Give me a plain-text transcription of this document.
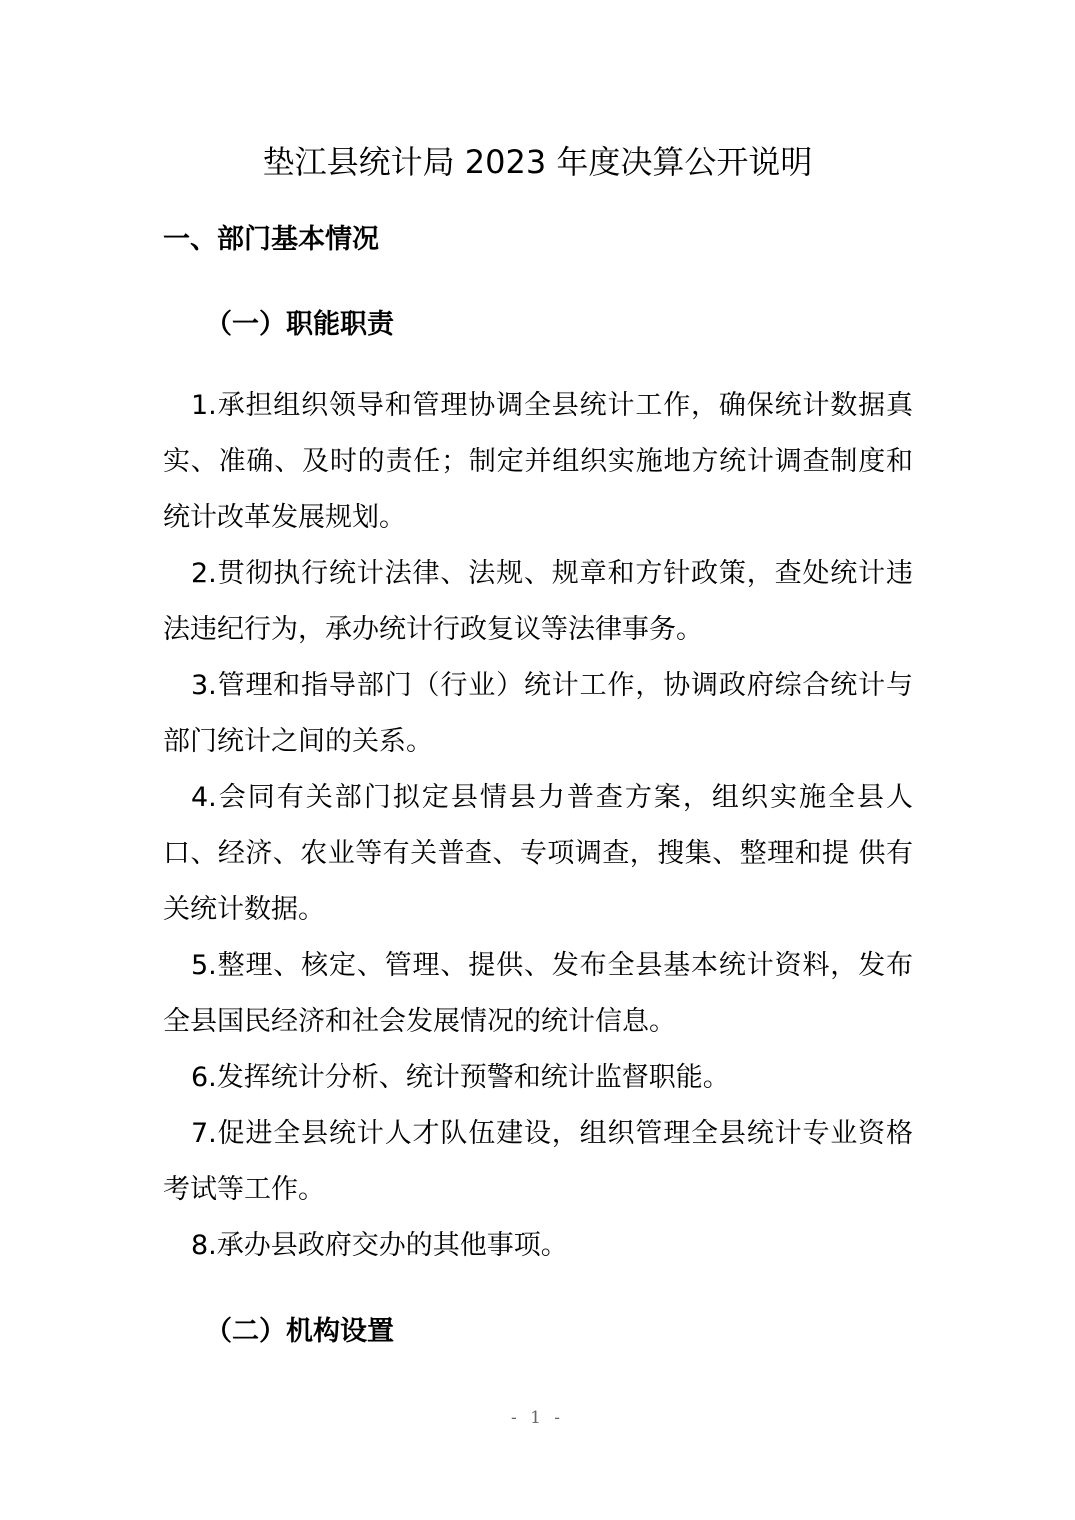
垫江县统计局 2023 年度决算公开说明
一、部门基本情况
（一）职能职责

1.承担组织领导和管理协调全县统计工作，确保统计数据真实、准确、及时的责任；制定并组织实施地方统计调查制度和统计改革发展规划。

2.贯彻执行统计法律、法规、规章和方针政策，查处统计违法违纪行为，承办统计行政复议等法律事务。

3.管理和指导部门（行业）统计工作，协调政府综合统计与部门统计之间的关系。

4.会同有关部门拟定县情县力普查方案，组织实施全县人口、经济、农业等有关普查、专项调查，搜集、整理和提 供有关统计数据。

5.整理、核定、管理、提供、发布全县基本统计资料，发布全县国民经济和社会发展情况的统计信息。

6.发挥统计分析、统计预警和统计监督职能。

7.促进全县统计人才队伍建设，组织管理全县统计专业资格考试等工作。

8.承办县政府交办的其他事项。

（二）机构设置
- 1 -
